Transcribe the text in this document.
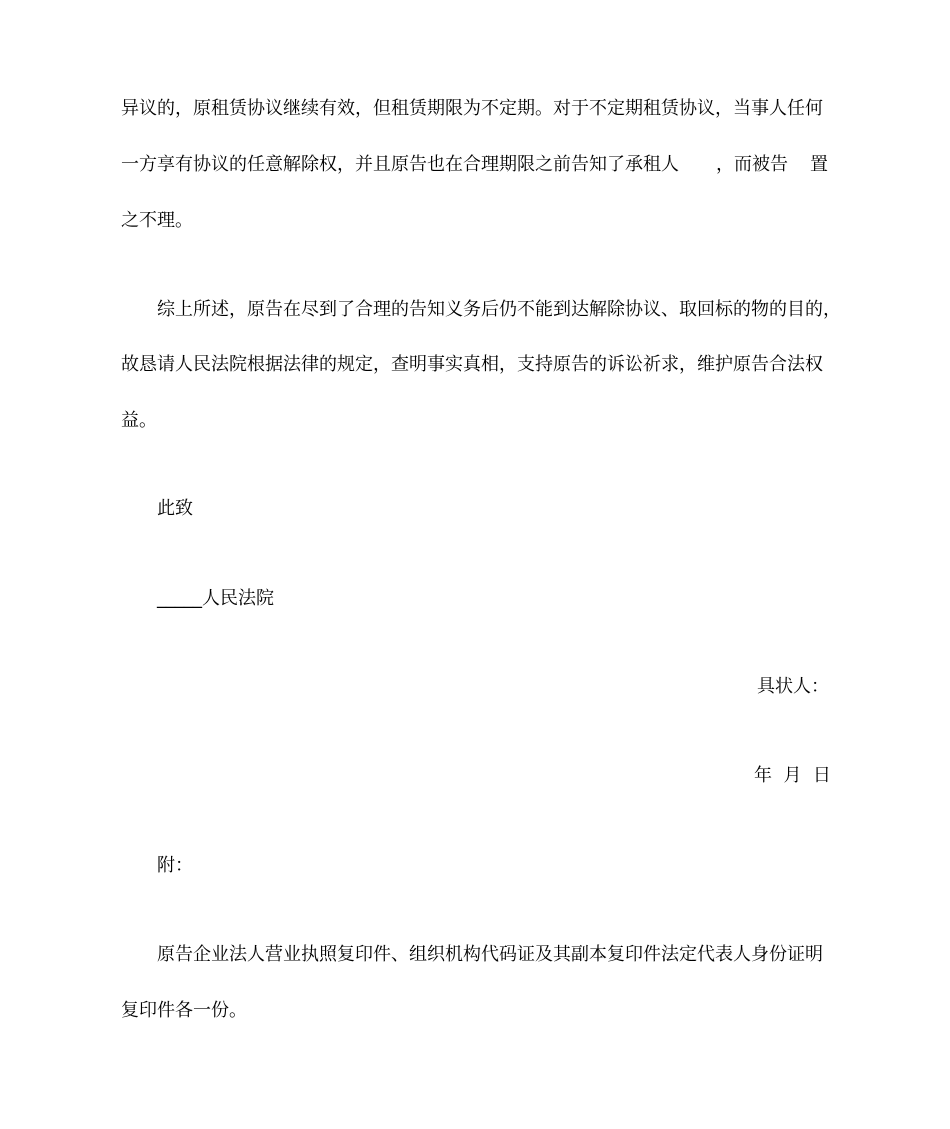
异议的，原租赁协议继续有效，但租赁期限为不定期。对于不定期租赁协议，当事人任何
一方享有协议的任意解除权，并且原告也在合理期限之前告知了承租人 ，而被告 置
之不理。
综上所述，原告在尽到了合理的告知义务后仍不能到达解除协议、取回标的物的目的，
故恳请人民法院根据法律的规定，查明事实真相，支持原告的诉讼祈求，维护原告合法权
益。
此致
_____人民法院
具状人：
年  月  日
附：
原告企业法人营业执照复印件、组织机构代码证及其副本复印件法定代表人身份证明
复印件各一份。
